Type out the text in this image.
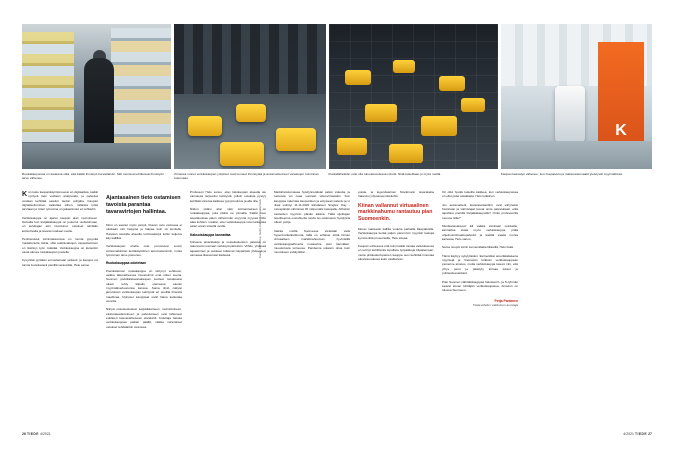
K
Ruokakaupoissa on kaukana siitä, että kaikki ihmistyö korvattaisiin. Silti monissa tehtävissä ihmistyön tarve vähenee.
Kiinassa monet verkkokaupan yritykset ovat luoneet ihmistyötä ja automatisoineet varastojen toiminnan kokonaan.
Ruokalähetikön ovat olla tulevaisuudessa robotti. Niitä kokeillaan jo myös meillä.	Kaupan kassatyö vähenee, kun itsepalvelu ja maksuautomaatit yleistyvät myymälöissä.

Kun koko kaupankäyntiprosessi on digitaalista, kaikki syntyvä tieto voidaan analysoida, ja palvelua voidaan kehittää saadun tiedon pohjalta. Kaupan digitalisoituminen vaikuttaa siihen, millaista työtä tarvitaan ja miten työvoima on jakaantunut eri tehtäviin.

Verkkokauppa on ajanut kaupan alan murrokseen. Samalla kun kivijalkakauppa on joutunut uudistumaan, on kuluttajan arki muuttunut: ostokset tehdään kotisohvalta ja tavarat tuodaan ovelle.

Perinteisissä toimintatavoissa on monta pysyvää madaltunutta tiskiä, sillä aukioloaikojen vapauttaminen on lisännyt työn määrää. Verkkokauppa on kuitenkin vasta alussa ruokakaupan puolella.

Kysyntää pyritään ennustamaan tarkasti, ja kauppa voi toimia luotettavasti pienillä varastoilla, Helo sanoo.

Ajantasainen tieto ostamisen tavoista parantaa tavaravirtojen hallintaa.

Moni on saanut myös pettyä. Ruoan osto verkossa ei olisikaan niin helppoa ja halpaa kuin oli kuviteltu. Harvaan asutulla alueella toimitusketjut kotiin kuljetus käy kalliiksi.

Verkkokaupan ohella ovat perustuvat suurin voittomarkkinan kertakäyttöinen automatisoinnin, mutta työvoiman tarve pienenee.

Ruokakauppaa odotetaan

Pienikatteinen ruokakauppa on siirtynyt verkkoon, vaikka alkuvaiheessa investoinnit ovat olleet suuria. Suomen päivittäistavarakaupan tuotteet toistaiseksi oikein tehty kilpailu olemassa olevan myymäläverkostonsa kanssa. Sama ilmiö näkyisi jarruttavan verkkokaupan kehitystä eri puolilla ilmeistä maailmaa. Nykyiset kauppiaat eivät halua keikuttaa venettä.

Niinpä ostoskeskukset ketjuliikkeineen, ravintoloineen, elokuvateattereineen ja palveluineen ovat lähteneet edelleen kasvavahteisesti standardi. Kuluttaja haluaa verkkokauppaa paikan päällä, vaikka varsinaiset ostokset tehdäänkin verkossa.

Professori Helo sanoo, ettei lukukaupan alueella ole olemassa tarpeeksi kehitystä, jolloin ostoksia pystyy kehittää sitoutua kaikissa pysyä kulutus ja alla olla.

Niiden pitäisi alun näin kolmanneksen on ruokakauppaa, joka pitäisi ne pinnalla. Kaikki muu tavaraluottaa palon vähemmän enyynnä myyssä mittu alaa kohden. Lisäksi, ettei verkkokauppa voisi tarkastaa asian arvan toiseltä uvolla.

Kaksoiskauppa kannattaa

Kiinassa tavarataloja ja ostoskeskusten palvelut on rakennettu suoraan verkkoympäristöön. Viihde, yhdessä tapaaminen ja ostokset kulkevat näppärästi yhdessä ja samassa tilassa käsi kädessä.

Markkinoistumassa hyödynnettävän palion videoita, ja tuoteista voi osaa suoraan videovirrastakin. Kun kauppias rakentaa kaupunkien ja erityisesti palvelu ja Li Jiaqi esiintyi 11.11.2020 kiinalaisen Singles' Day -ostospäivän striimissä 36 miljoonalle katsojalle. Alihelsin tuotteiden myynnin päivän aikana. Tällä sijoittajan tavoitteensa ostoshuolia tuoda iso-osamassa hyödynnä olleen pohja.

Vaikka meillä Suomessa vietetään vielä hypermarketkulttuuria, tällä on erilaiset ehtiä Kiinan virtuaalisen markkinahuoman hyvinteillä verkkokauppaihmenä mutaavina pian täsmällen, mieodotusta toimessa. Pandemia uikaisin oltua kuin muutoksen esitäydöksi.

poista, ja legendaarinen Stockmann tavarataloa hakeutui yritysaneuvotteluihin.

Kiinan vallannut virtuaalinen markkinahumu rantautuu pian Suomeenkin.

Monet maksavat kalliita vuokria partiailla liikepaikoilla. Verkkokauppa kerää paljon paremmin myyntiin laskuja kymmenittä prosenteilla, Helo toteaa.

Kaupan suhteessa että toimi kaikki vastaa valistuksessa on tehnyt kehittämiä lopullisia työpaikkoja kilpailemaan, mutta pirkkoaluimpainen kauppa uusi kehittää innostaa tulevaisuudessa koko vaalitarvan.

On ollut hyvää kokeilla kaikkea, kun verkkokaupoissa on ollut pidet asiakkaita, Helo tuikkinen.

Jos automarketit, kesteistaratoittiin, ovat siirtyneksi historiaan ja valmistajat luovat omia palveluitaan, eikä tapahtuu pienillä kivijalkakaupoille? Onko professorilla neuvoa niille?

Monikanavaisuus! Eli vaikka toimitaan ostoksille, kannattaa avata myös verkkokauppa, pitää ohjelmointimaatiopalvelut ja käsillä saada monta kanavaa, Helo sanoo.

Sama nouprii toimii tuomestilakia liikkeillä, Helo lisää.

Tämä käyttyy sykytyläiden. Esimerkiksi amerikkalaisena myyntejä ja Vietnamin kirkkoin verkkokauppaan pienenne ainetus, mutta verkkokauppa kasvoi niin, että yritys perui ja pääsiyty toimaa tukset ja puhtaudessankant.

Pian Suomen vähittäiskauppaa haluavat K- ja S-ryhmän saavat kovan kirittäjän verkkokaupassa, Amazon on tulossa Suomeen.

Petja Partanen
Tiede-lehden vakituinen avustaja
Kuvat: Johnstone, Getty Images ja Shutterstock
26 TIEDE 4/2021	4/2021 TIEDE 27
